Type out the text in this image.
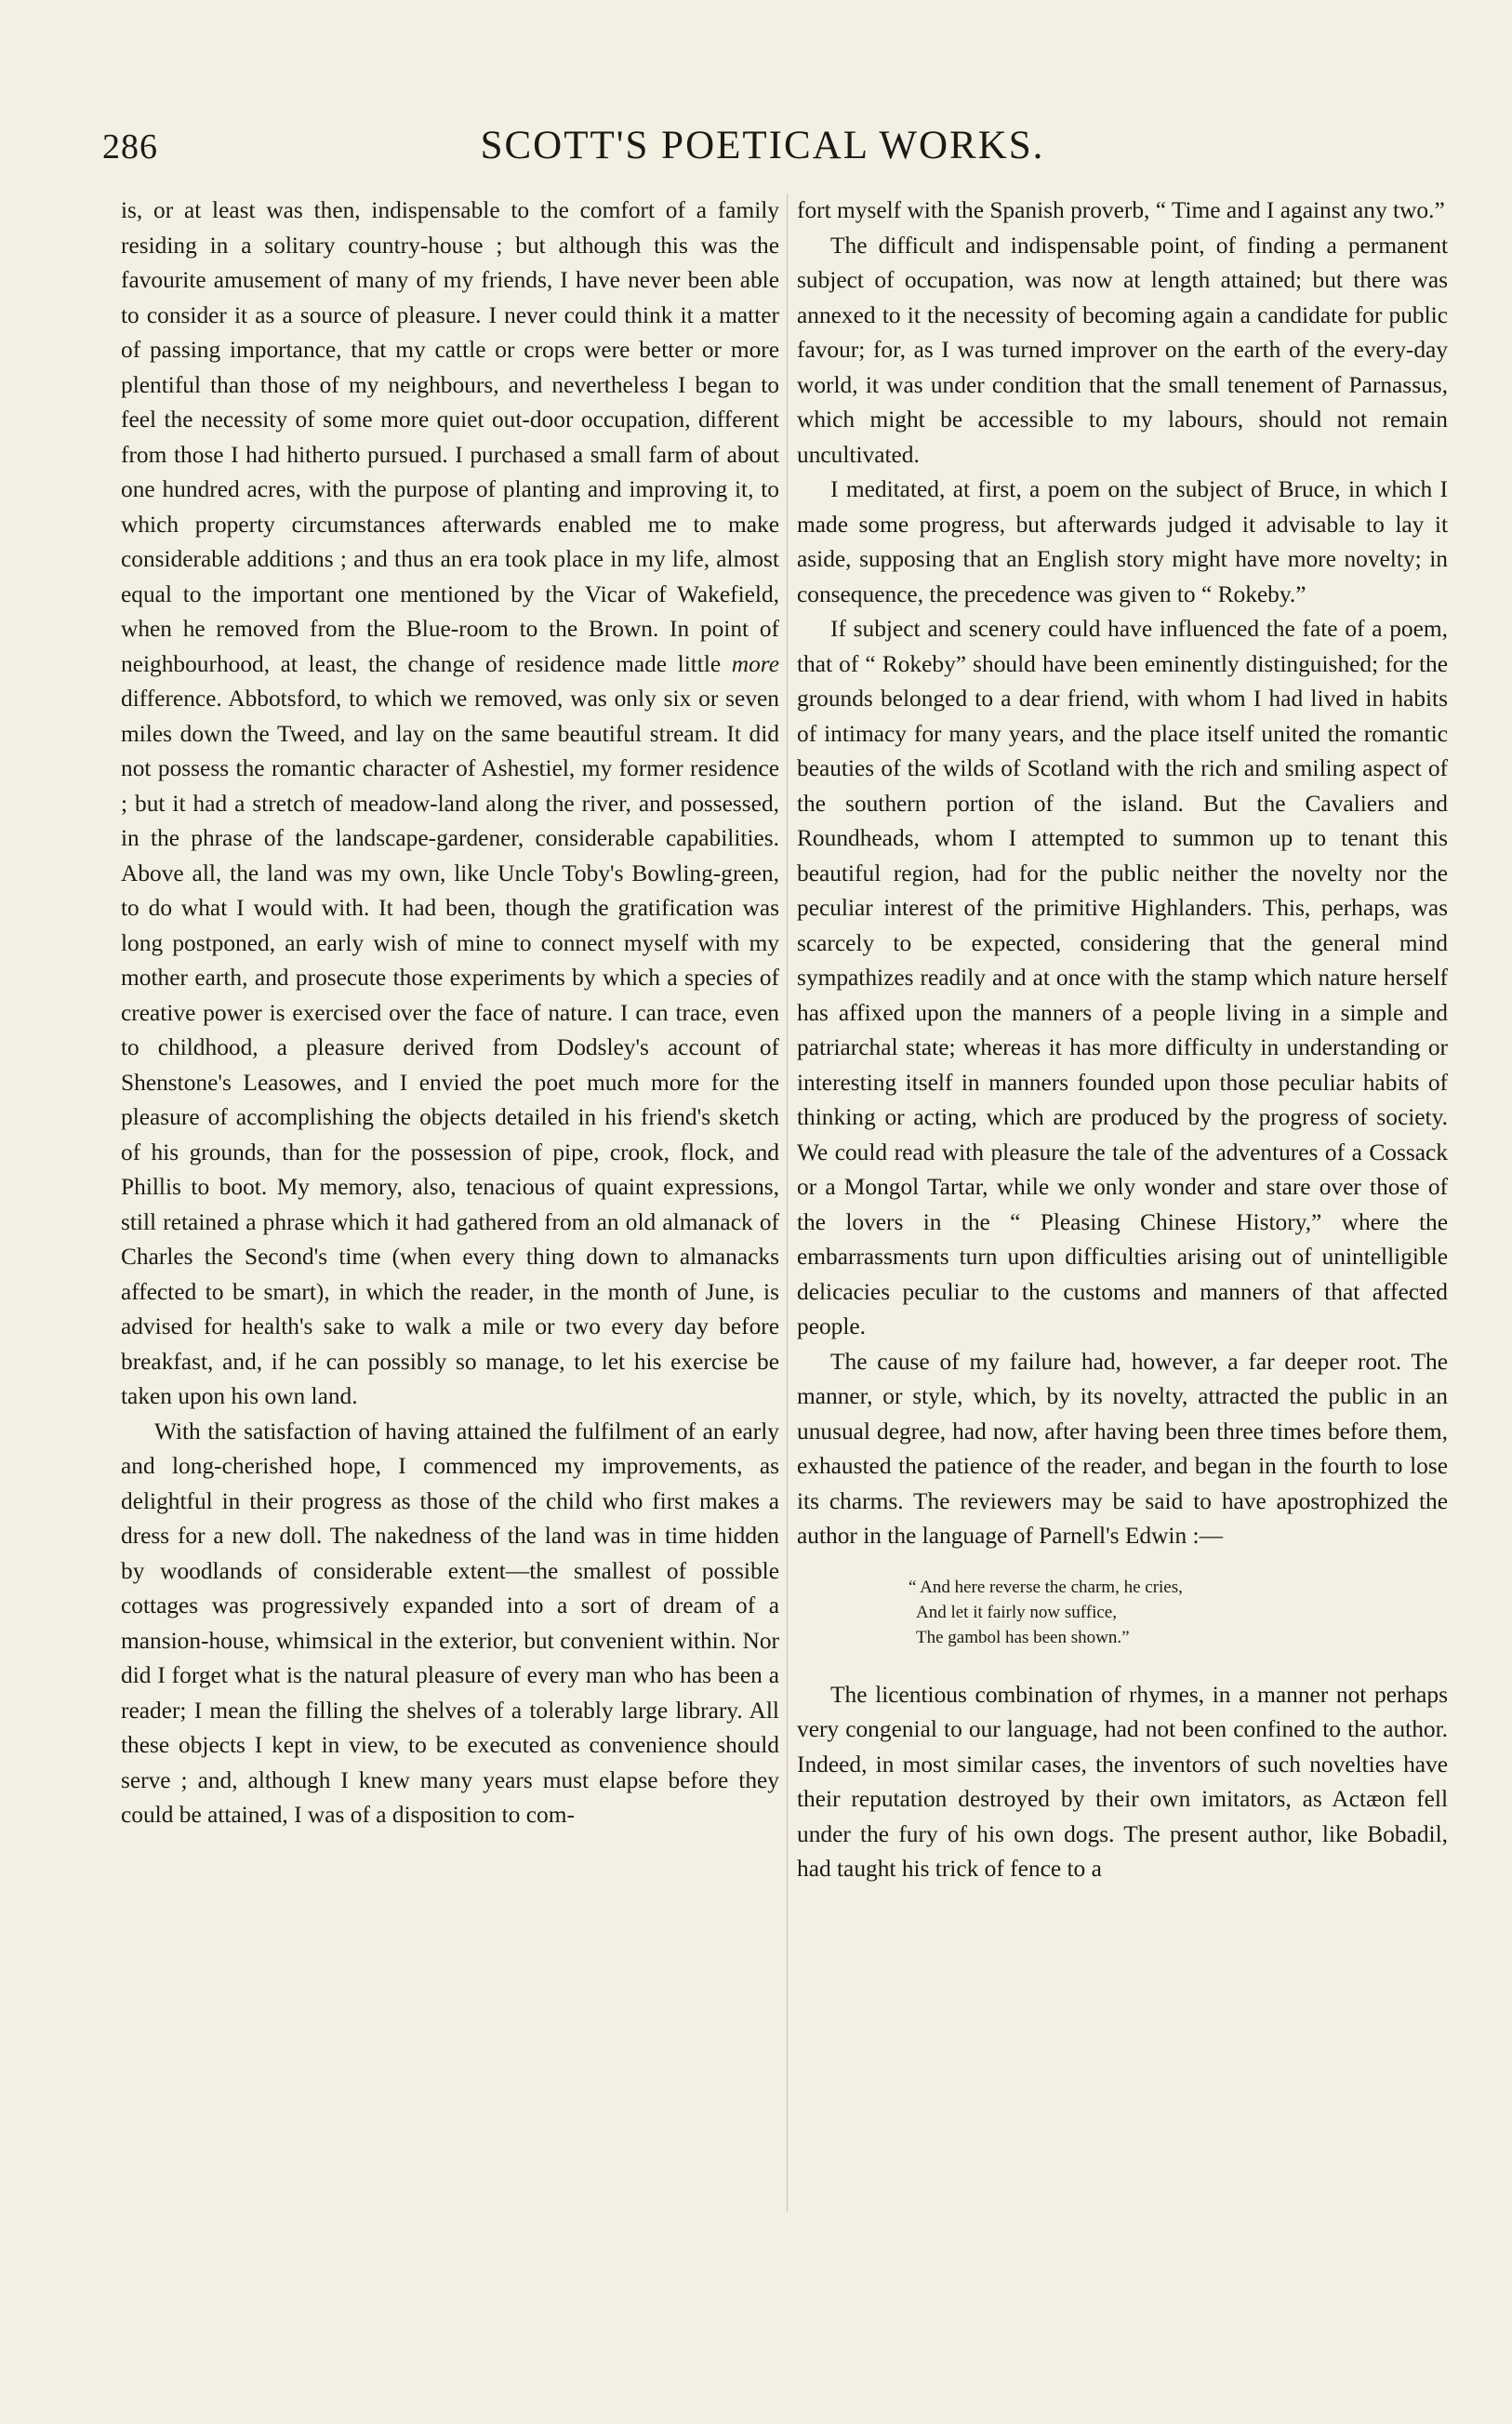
286	SCOTT'S POETICAL WORKS.

is, or at least was then, indispensable to the comfort of a family residing in a solitary country-house ; but although this was the favourite amusement of many of my friends, I have never been able to consider it as a source of pleasure. I never could think it a matter of passing importance, that my cattle or crops were better or more plentiful than those of my neighbours, and nevertheless I began to feel the necessity of some more quiet out-door occupation, different from those I had hitherto pursued. I purchased a small farm of about one hundred acres, with the purpose of planting and improving it, to which property circumstances afterwards enabled me to make considerable additions ; and thus an era took place in my life, almost equal to the important one mentioned by the Vicar of Wakefield, when he removed from the Blue-room to the Brown. In point of neighbourhood, at least, the change of residence made little more difference. Abbotsford, to which we removed, was only six or seven miles down the Tweed, and lay on the same beautiful stream. It did not possess the romantic character of Ashestiel, my former residence ; but it had a stretch of meadow-land along the river, and possessed, in the phrase of the landscape-gardener, considerable capabilities. Above all, the land was my own, like Uncle Toby's Bowling-green, to do what I would with. It had been, though the gratification was long postponed, an early wish of mine to connect myself with my mother earth, and prosecute those experiments by which a species of creative power is exercised over the face of nature. I can trace, even to childhood, a pleasure derived from Dodsley's account of Shenstone's Leasowes, and I envied the poet much more for the pleasure of accomplishing the objects detailed in his friend's sketch of his grounds, than for the possession of pipe, crook, flock, and Phillis to boot. My memory, also, tenacious of quaint expressions, still retained a phrase which it had gathered from an old almanack of Charles the Second's time (when every thing down to almanacks affected to be smart), in which the reader, in the month of June, is advised for health's sake to walk a mile or two every day before breakfast, and, if he can possibly so manage, to let his exercise be taken upon his own land.

With the satisfaction of having attained the fulfilment of an early and long-cherished hope, I commenced my improvements, as delightful in their progress as those of the child who first makes a dress for a new doll. The nakedness of the land was in time hidden by woodlands of considerable extent—the smallest of possible cottages was progressively expanded into a sort of dream of a mansion-house, whimsical in the exterior, but convenient within. Nor did I forget what is the natural pleasure of every man who has been a reader; I mean the filling the shelves of a tolerably large library. All these objects I kept in view, to be executed as convenience should serve ; and, although I knew many years must elapse before they could be attained, I was of a disposition to com-

fort myself with the Spanish proverb, “ Time and I against any two.”

The difficult and indispensable point, of finding a permanent subject of occupation, was now at length attained; but there was annexed to it the necessity of becoming again a candidate for public favour; for, as I was turned improver on the earth of the every-day world, it was under condition that the small tenement of Parnassus, which might be accessible to my labours, should not remain uncultivated.

I meditated, at first, a poem on the subject of Bruce, in which I made some progress, but afterwards judged it advisable to lay it aside, supposing that an English story might have more novelty; in consequence, the precedence was given to “ Rokeby.”

If subject and scenery could have influenced the fate of a poem, that of “ Rokeby” should have been eminently distinguished; for the grounds belonged to a dear friend, with whom I had lived in habits of intimacy for many years, and the place itself united the romantic beauties of the wilds of Scotland with the rich and smiling aspect of the southern portion of the island. But the Cavaliers and Roundheads, whom I attempted to summon up to tenant this beautiful region, had for the public neither the novelty nor the peculiar interest of the primitive Highlanders. This, perhaps, was scarcely to be expected, considering that the general mind sympathizes readily and at once with the stamp which nature herself has affixed upon the manners of a people living in a simple and patriarchal state; whereas it has more difficulty in understanding or interesting itself in manners founded upon those peculiar habits of thinking or acting, which are produced by the progress of society. We could read with pleasure the tale of the adventures of a Cossack or a Mongol Tartar, while we only wonder and stare over those of the lovers in the “ Pleasing Chinese History,” where the embarrassments turn upon difficulties arising out of unintelligible delicacies peculiar to the customs and manners of that affected people.

The cause of my failure had, however, a far deeper root. The manner, or style, which, by its novelty, attracted the public in an unusual degree, had now, after having been three times before them, exhausted the patience of the reader, and began in the fourth to lose its charms. The reviewers may be said to have apostrophized the author in the language of Parnell's Edwin :—

“ And here reverse the charm, he cries,
And let it fairly now suffice,
The gambol has been shown.”

The licentious combination of rhymes, in a manner not perhaps very congenial to our language, had not been confined to the author. Indeed, in most similar cases, the inventors of such novelties have their reputation destroyed by their own imitators, as Actæon fell under the fury of his own dogs. The present author, like Bobadil, had taught his trick of fence to a
